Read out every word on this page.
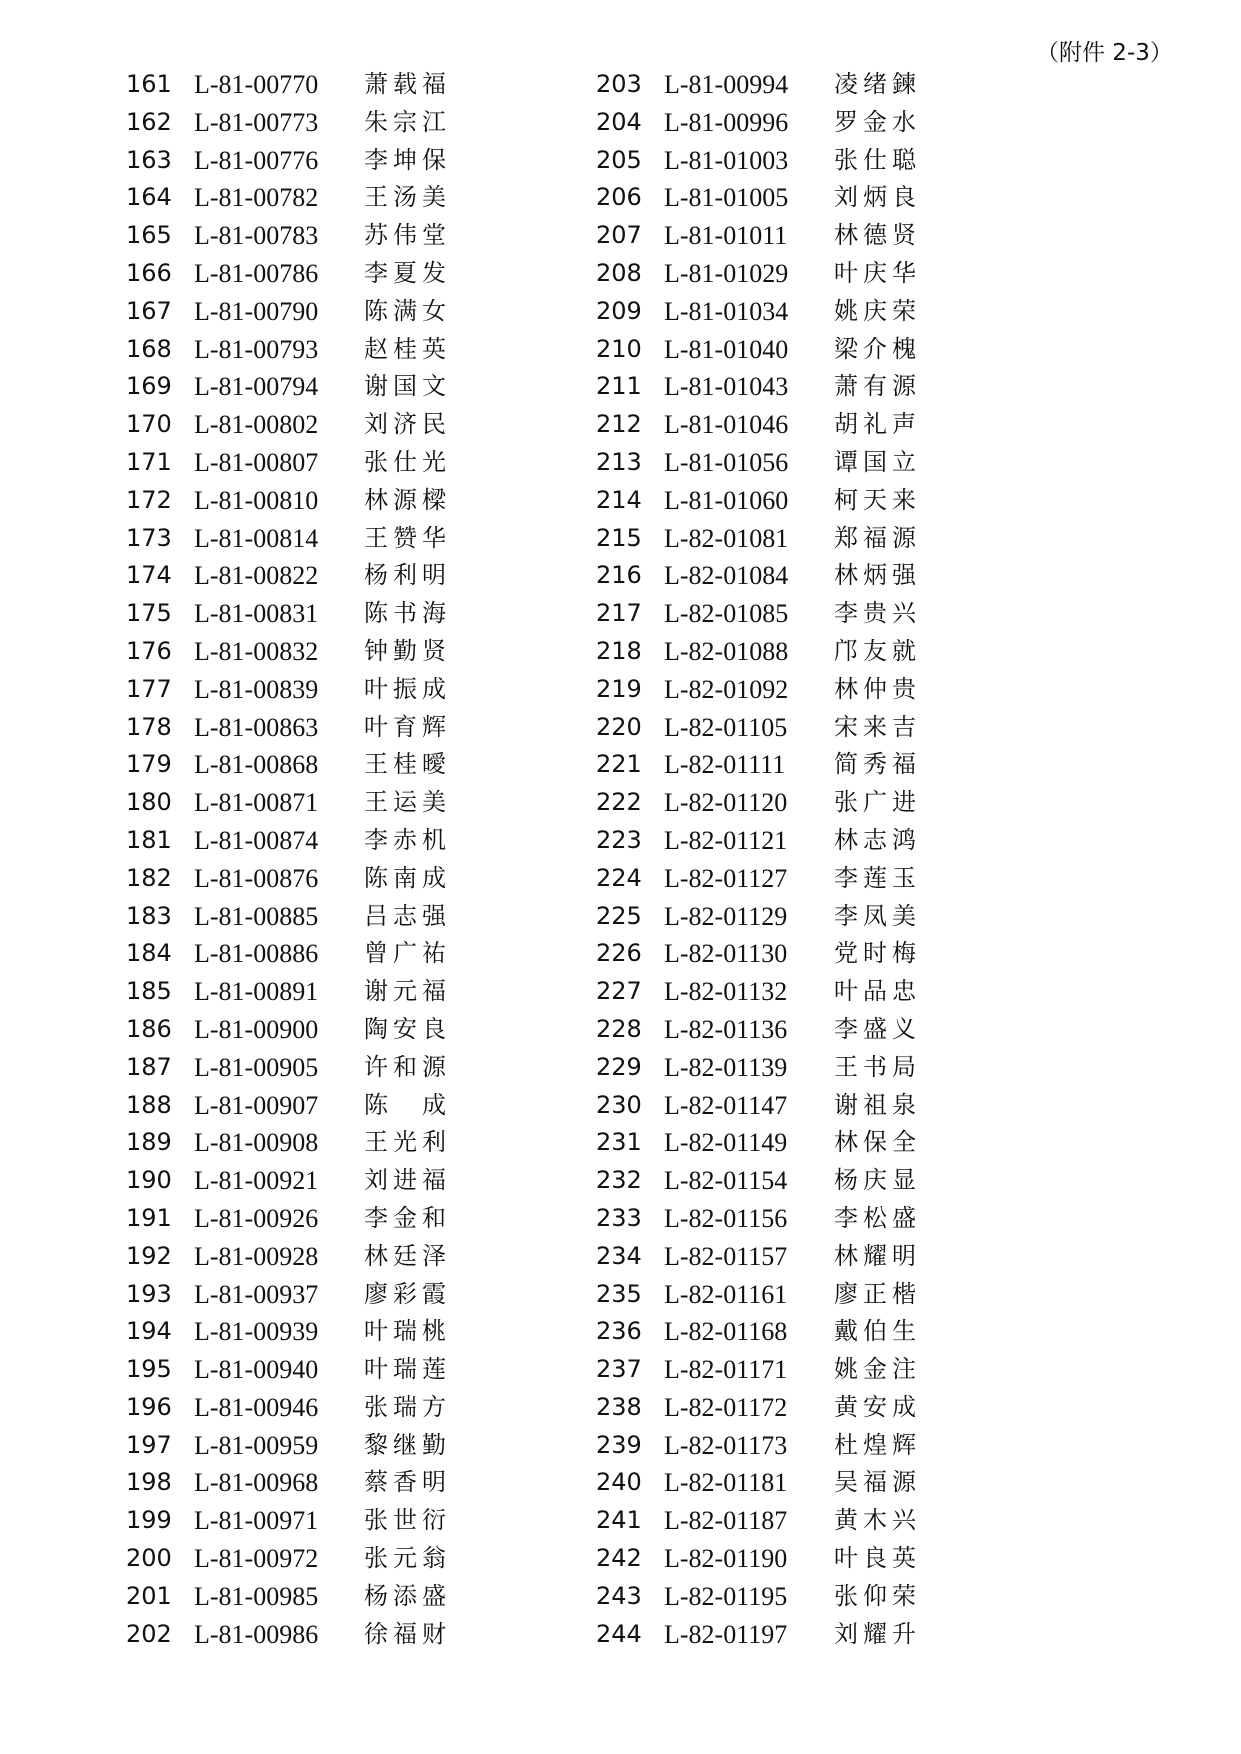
（附件 2-3）
161 L-81-00770 萧载福
162 L-81-00773 朱宗江
163 L-81-00776 李坤保
164 L-81-00782 王汤美
165 L-81-00783 苏伟堂
166 L-81-00786 李夏发
167 L-81-00790 陈满女
168 L-81-00793 赵桂英
169 L-81-00794 谢国文
170 L-81-00802 刘济民
171 L-81-00807 张仕光
172 L-81-00810 林源樑
173 L-81-00814 王赞华
174 L-81-00822 杨利明
175 L-81-00831 陈书海
176 L-81-00832 钟勤贤
177 L-81-00839 叶振成
178 L-81-00863 叶育辉
179 L-81-00868 王桂曖
180 L-81-00871 王运美
181 L-81-00874 李赤机
182 L-81-00876 陈南成
183 L-81-00885 吕志强
184 L-81-00886 曾广祐
185 L-81-00891 谢元福
186 L-81-00900 陶安良
187 L-81-00905 许和源
188 L-81-00907 陈　成
189 L-81-00908 王光利
190 L-81-00921 刘进福
191 L-81-00926 李金和
192 L-81-00928 林廷泽
193 L-81-00937 廖彩霞
194 L-81-00939 叶瑞桃
195 L-81-00940 叶瑞莲
196 L-81-00946 张瑞方
197 L-81-00959 黎继勤
198 L-81-00968 蔡香明
199 L-81-00971 张世衍
200 L-81-00972 张元翁
201 L-81-00985 杨添盛
202 L-81-00986 徐福财
203 L-81-00994 凌绪鍊
204 L-81-00996 罗金水
205 L-81-01003 张仕聪
206 L-81-01005 刘炳良
207 L-81-01011 林德贤
208 L-81-01029 叶庆华
209 L-81-01034 姚庆荣
210 L-81-01040 梁介槐
211 L-81-01043 萧有源
212 L-81-01046 胡礼声
213 L-81-01056 谭国立
214 L-81-01060 柯天来
215 L-82-01081 郑福源
216 L-82-01084 林炳强
217 L-82-01085 李贵兴
218 L-82-01088 邝友就
219 L-82-01092 林仲贵
220 L-82-01105 宋来吉
221 L-82-01111 简秀福
222 L-82-01120 张广进
223 L-82-01121 林志鸿
224 L-82-01127 李莲玉
225 L-82-01129 李凤美
226 L-82-01130 党时梅
227 L-82-01132 叶品忠
228 L-82-01136 李盛义
229 L-82-01139 王书局
230 L-82-01147 谢祖泉
231 L-82-01149 林保全
232 L-82-01154 杨庆显
233 L-82-01156 李松盛
234 L-82-01157 林耀明
235 L-82-01161 廖正楷
236 L-82-01168 戴伯生
237 L-82-01171 姚金注
238 L-82-01172 黄安成
239 L-82-01173 杜煌辉
240 L-82-01181 吴福源
241 L-82-01187 黄木兴
242 L-82-01190 叶良英
243 L-82-01195 张仰荣
244 L-82-01197 刘耀升
